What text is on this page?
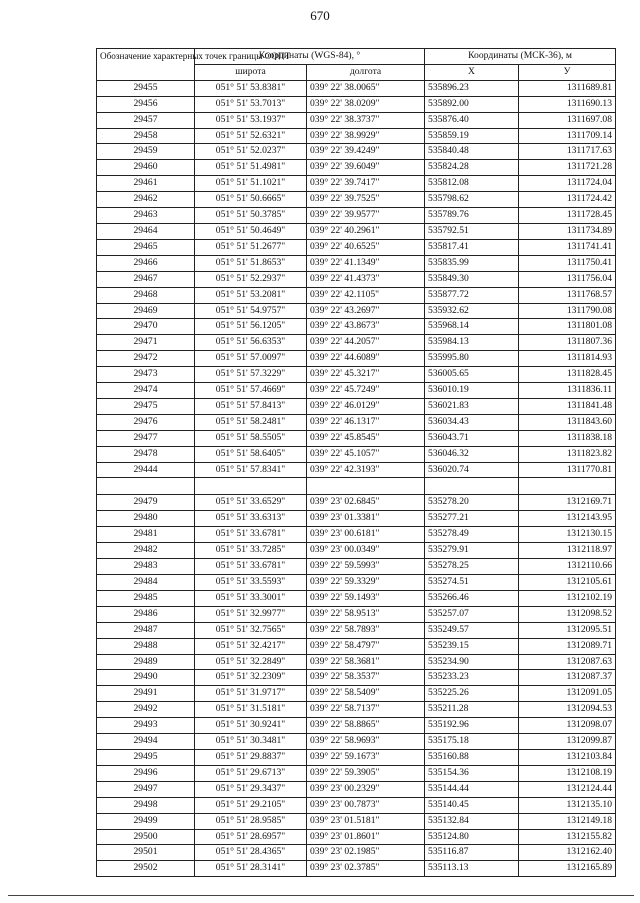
670
Обозначение характерных точек границы ООПТ	Координаты (WGS-84), °		Координаты (МСК-36), м	
	широта	долгота	X	У
29455	051° 51' 53.8381"	039° 22' 38.0065"	535896.23	1311689.81
29456	051° 51' 53.7013"	039° 22' 38.0209"	535892.00	1311690.13
29457	051° 51' 53.1937"	039° 22' 38.3737"	535876.40	1311697.08
29458	051° 51' 52.6321"	039° 22' 38.9929"	535859.19	1311709.14
29459	051° 51' 52.0237"	039° 22' 39.4249"	535840.48	1311717.63
29460	051° 51' 51.4981"	039° 22' 39.6049"	535824.28	1311721.28
29461	051° 51' 51.1021"	039° 22' 39.7417"	535812.08	1311724.04
29462	051° 51' 50.6665"	039° 22' 39.7525"	535798.62	1311724.42
29463	051° 51' 50.3785"	039° 22' 39.9577"	535789.76	1311728.45
29464	051° 51' 50.4649"	039° 22' 40.2961"	535792.51	1311734.89
29465	051° 51' 51.2677"	039° 22' 40.6525"	535817.41	1311741.41
29466	051° 51' 51.8653"	039° 22' 41.1349"	535835.99	1311750.41
29467	051° 51' 52.2937"	039° 22' 41.4373"	535849.30	1311756.04
29468	051° 51' 53.2081"	039° 22' 42.1105"	535877.72	1311768.57
29469	051° 51' 54.9757"	039° 22' 43.2697"	535932.62	1311790.08
29470	051° 51' 56.1205"	039° 22' 43.8673"	535968.14	1311801.08
29471	051° 51' 56.6353"	039° 22' 44.2057"	535984.13	1311807.36
29472	051° 51' 57.0097"	039° 22' 44.6089"	535995.80	1311814.93
29473	051° 51' 57.3229"	039° 22' 45.3217"	536005.65	1311828.45
29474	051° 51' 57.4669"	039° 22' 45.7249"	536010.19	1311836.11
29475	051° 51' 57.8413"	039° 22' 46.0129"	536021.83	1311841.48
29476	051° 51' 58.2481"	039° 22' 46.1317"	536034.43	1311843.60
29477	051° 51' 58.5505"	039° 22' 45.8545"	536043.71	1311838.18
29478	051° 51' 58.6405"	039° 22' 45.1057"	536046.32	1311823.82
29444	051° 51' 57.8341"	039° 22' 42.3193"	536020.74	1311770.81

29479	051° 51' 33.6529"	039° 23' 02.6845"	535278.20	1312169.71
29480	051° 51' 33.6313"	039° 23' 01.3381"	535277.21	1312143.95
29481	051° 51' 33.6781"	039° 23' 00.6181"	535278.49	1312130.15
29482	051° 51' 33.7285"	039° 23' 00.0349"	535279.91	1312118.97
29483	051° 51' 33.6781"	039° 22' 59.5993"	535278.25	1312110.66
29484	051° 51' 33.5593"	039° 22' 59.3329"	535274.51	1312105.61
29485	051° 51' 33.3001"	039° 22' 59.1493"	535266.46	1312102.19
29486	051° 51' 32.9977"	039° 22' 58.9513"	535257.07	1312098.52
29487	051° 51' 32.7565"	039° 22' 58.7893"	535249.57	1312095.51
29488	051° 51' 32.4217"	039° 22' 58.4797"	535239.15	1312089.71
29489	051° 51' 32.2849"	039° 22' 58.3681"	535234.90	1312087.63
29490	051° 51' 32.2309"	039° 22' 58.3537"	535233.23	1312087.37
29491	051° 51' 31.9717"	039° 22' 58.5409"	535225.26	1312091.05
29492	051° 51' 31.5181"	039° 22' 58.7137"	535211.28	1312094.53
29493	051° 51' 30.9241"	039° 22' 58.8865"	535192.96	1312098.07
29494	051° 51' 30.3481"	039° 22' 58.9693"	535175.18	1312099.87
29495	051° 51' 29.8837"	039° 22' 59.1673"	535160.88	1312103.84
29496	051° 51' 29.6713"	039° 22' 59.3905"	535154.36	1312108.19
29497	051° 51' 29.3437"	039° 23' 00.2329"	535144.44	1312124.44
29498	051° 51' 29.2105"	039° 23' 00.7873"	535140.45	1312135.10
29499	051° 51' 28.9585"	039° 23' 01.5181"	535132.84	1312149.18
29500	051° 51' 28.6957"	039° 23' 01.8601"	535124.80	1312155.82
29501	051° 51' 28.4365"	039° 23' 02.1985"	535116.87	1312162.40
29502	051° 51' 28.3141"	039° 23' 02.3785"	535113.13	1312165.89
